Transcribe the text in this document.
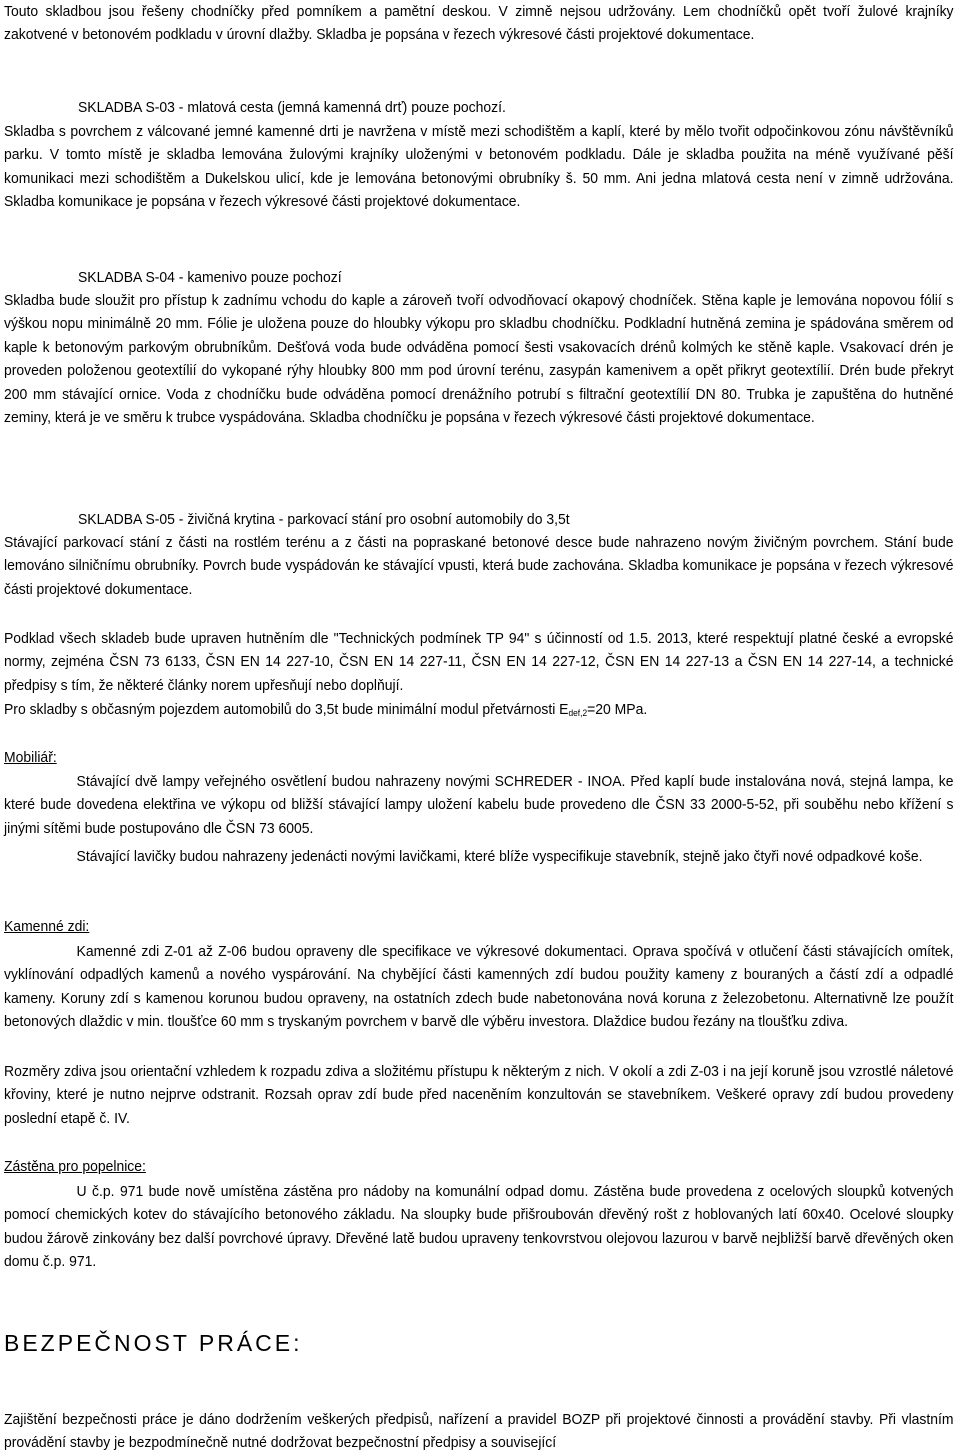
Touto skladbou jsou řešeny chodníčky před pomníkem a pamětní deskou. V zimně nejsou udržovány. Lem chodníčků opět tvoří žulové krajníky zakotvené v betonovém podkladu v úrovní dlažby. Skladba je popsána v řezech výkresové části projektové dokumentace.
SKLADBA S-03 - mlatová cesta (jemná kamenná drť) pouze pochozí.
Skladba s povrchem z válcované jemné kamenné drti je navržena v místě mezi schodištěm a kaplí, které by mělo tvořit odpočinkovou zónu návštěvníků parku. V tomto místě je skladba lemována žulovými krajníky uloženými v betonovém podkladu. Dále je skladba použita na méně využívané pěší komunikaci mezi schodištěm a Dukelskou ulicí, kde je lemována betonovými obrubníky š. 50 mm. Ani jedna mlatová cesta není v zimně udržována. Skladba komunikace je popsána v řezech výkresové části projektové dokumentace.
SKLADBA S-04 - kamenivo pouze pochozí
Skladba bude sloužit pro přístup k zadnímu vchodu do kaple a zároveň tvoří odvodňovací okapový chodníček. Stěna kaple je lemována nopovou fólií s výškou nopu minimálně 20 mm. Fólie je uložena pouze do hloubky výkopu pro skladbu chodníčku. Podkladní hutněná zemina je spádována směrem od kaple k betonovým parkovým obrubníkům. Dešťová voda bude odváděna pomocí šesti vsakovacích drénů kolmých ke stěně kaple. Vsakovací drén je proveden položenou geotextílií do vykopané rýhy hloubky 800 mm pod úrovní terénu, zasypán kamenivem a opět přikryt geotextílií. Drén bude překryt 200 mm stávající ornice. Voda z chodníčku bude odváděna pomocí drenážního potrubí s filtrační geotextílií DN 80. Trubka je zapuštěna do hutněné zeminy, která je ve směru k trubce vyspádována. Skladba chodníčku je popsána v řezech výkresové části projektové dokumentace.
SKLADBA S-05 - živičná krytina - parkovací stání pro osobní automobily do 3,5t
Stávající parkovací stání z části na rostlém terénu a z části na popraskané betonové desce bude nahrazeno novým živičným povrchem. Stání bude lemováno silničnímu obrubníky. Povrch bude vyspádován ke stávající vpusti, která bude zachována. Skladba komunikace je popsána v řezech výkresové části projektové dokumentace.
Podklad všech skladeb bude upraven hutněním dle "Technických podmínek TP 94" s účinností od 1.5. 2013, které respektují platné české a evropské normy, zejména ČSN 73 6133, ČSN EN 14 227-10, ČSN EN 14 227-11, ČSN EN 14 227-12, ČSN EN 14 227-13 a ČSN EN 14 227-14, a technické předpisy s tím, že některé články norem upřesňují nebo doplňují.
Pro skladby s občasným pojezdem automobilů do 3,5t bude minimální modul přetvárnosti $E_{def,2}=20$ MPa.
Mobiliář:
Stávající dvě lampy veřejného osvětlení budou nahrazeny novými SCHREDER - INOA. Před kaplí bude instalována nová, stejná lampa, ke které bude dovedena elektřina ve výkopu od bližší stávající lampy uložení kabelu bude provedeno dle ČSN 33 2000-5-52, při souběhu nebo křížení s jinými sítěmi bude postupováno dle ČSN 73 6005.
Stávající lavičky budou nahrazeny jedenácti novými lavičkami, které blíže vyspecifikuje stavebník, stejně jako čtyři nové odpadkové koše.
Kamenné zdi:
Kamenné zdi Z-01 až Z-06 budou opraveny dle specifikace ve výkresové dokumentaci. Oprava spočívá v otlučení části stávajících omítek, vyklínování odpadlých kamenů a nového vyspárování. Na chybějící části kamenných zdí budou použity kameny z bouraných a částí zdí a odpadlé kameny. Koruny zdí s kamenou korunou budou opraveny, na ostatních zdech bude nabetonována nová koruna z železobetonu. Alternativně lze použít betonových dlaždic v min. tloušťce 60 mm s tryskaným povrchem v barvě dle výběru investora. Dlaždice budou řezány na tloušťku zdiva.
Rozměry zdiva jsou orientační vzhledem k rozpadu zdiva a složitému přístupu k některým z nich. V okolí a zdi Z-03 i na její koruně jsou vzrostlé náletové křoviny, které je nutno nejprve odstranit. Rozsah oprav zdí bude před naceněním konzultován se stavebníkem. Veškeré opravy zdí budou provedeny poslední etapě č. IV.
Zástěna pro popelnice:
U č.p. 971 bude nově umístěna zástěna pro nádoby na komunální odpad domu. Zástěna bude provedena z ocelových sloupků kotvených pomocí chemických kotev do stávajícího betonového základu. Na sloupky bude přišroubován dřevěný rošt z hoblovaných latí 60x40. Ocelové sloupky budou žárově zinkovány bez další povrchové úpravy. Dřevěné latě budou upraveny tenkovrstvou olejovou lazurou v barvě nejbližší barvě dřevěných oken domu č.p. 971.
BEZPEČNOST PRÁCE:
Zajištění bezpečnosti práce je dáno dodržením veškerých předpisů, nařízení a pravidel BOZP při projektové činnosti a provádění stavby. Při vlastním provádění stavby je bezpodmínečně nutné dodržovat bezpečnostní předpisy a související
